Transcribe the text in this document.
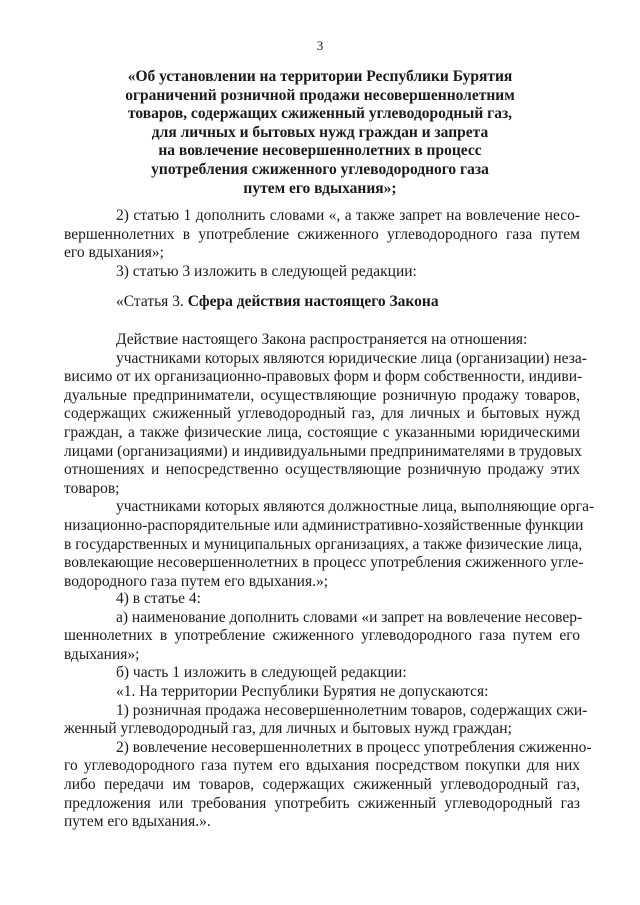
3
«Об установлении на территории Республики Бурятия
ограничений розничной продажи несовершеннолетним
товаров, содержащих сжиженный углеводородный газ,
для личных и бытовых нужд граждан и запрета
на вовлечение несовершеннолетних в процесс
употребления сжиженного углеводородного газа
путем его вдыхания»;
2) статью 1 дополнить словами «, а также запрет на вовлечение несо-
вершеннолетних в употребление сжиженного углеводородного газа путем
его вдыхания»;
3) статью 3 изложить в следующей редакции:
«Статья 3. Сфера действия настоящего Закона
Действие настоящего Закона распространяется на отношения:
участниками которых являются юридические лица (организации) неза-
висимо от их организационно-правовых форм и форм собственности, индиви-
дуальные предприниматели, осуществляющие розничную продажу товаров,
содержащих сжиженный углеводородный газ, для личных и бытовых нужд
граждан, а также физические лица, состоящие с указанными юридическими
лицами (организациями) и индивидуальными предпринимателями в трудовых
отношениях и непосредственно осуществляющие розничную продажу этих
товаров;
участниками которых являются должностные лица, выполняющие орга-
низационно-распорядительные или административно-хозяйственные функции
в государственных и муниципальных организациях, а также физические лица,
вовлекающие несовершеннолетних в процесс употребления сжиженного угле-
водородного газа путем его вдыхания.»;
4) в статье 4:
а) наименование дополнить словами «и запрет на вовлечение несовер-
шеннолетних в употребление сжиженного углеводородного газа путем его
вдыхания»;
б) часть 1 изложить в следующей редакции:
«1. На территории Республики Бурятия не допускаются:
1) розничная продажа несовершеннолетним товаров, содержащих сжи-
женный углеводородный газ, для личных и бытовых нужд граждан;
2) вовлечение несовершеннолетних в процесс употребления сжиженно-
го углеводородного газа путем его вдыхания посредством покупки для них
либо передачи им товаров, содержащих сжиженный углеводородный газ,
предложения или требования употребить сжиженный углеводородный газ
путем его вдыхания.».
